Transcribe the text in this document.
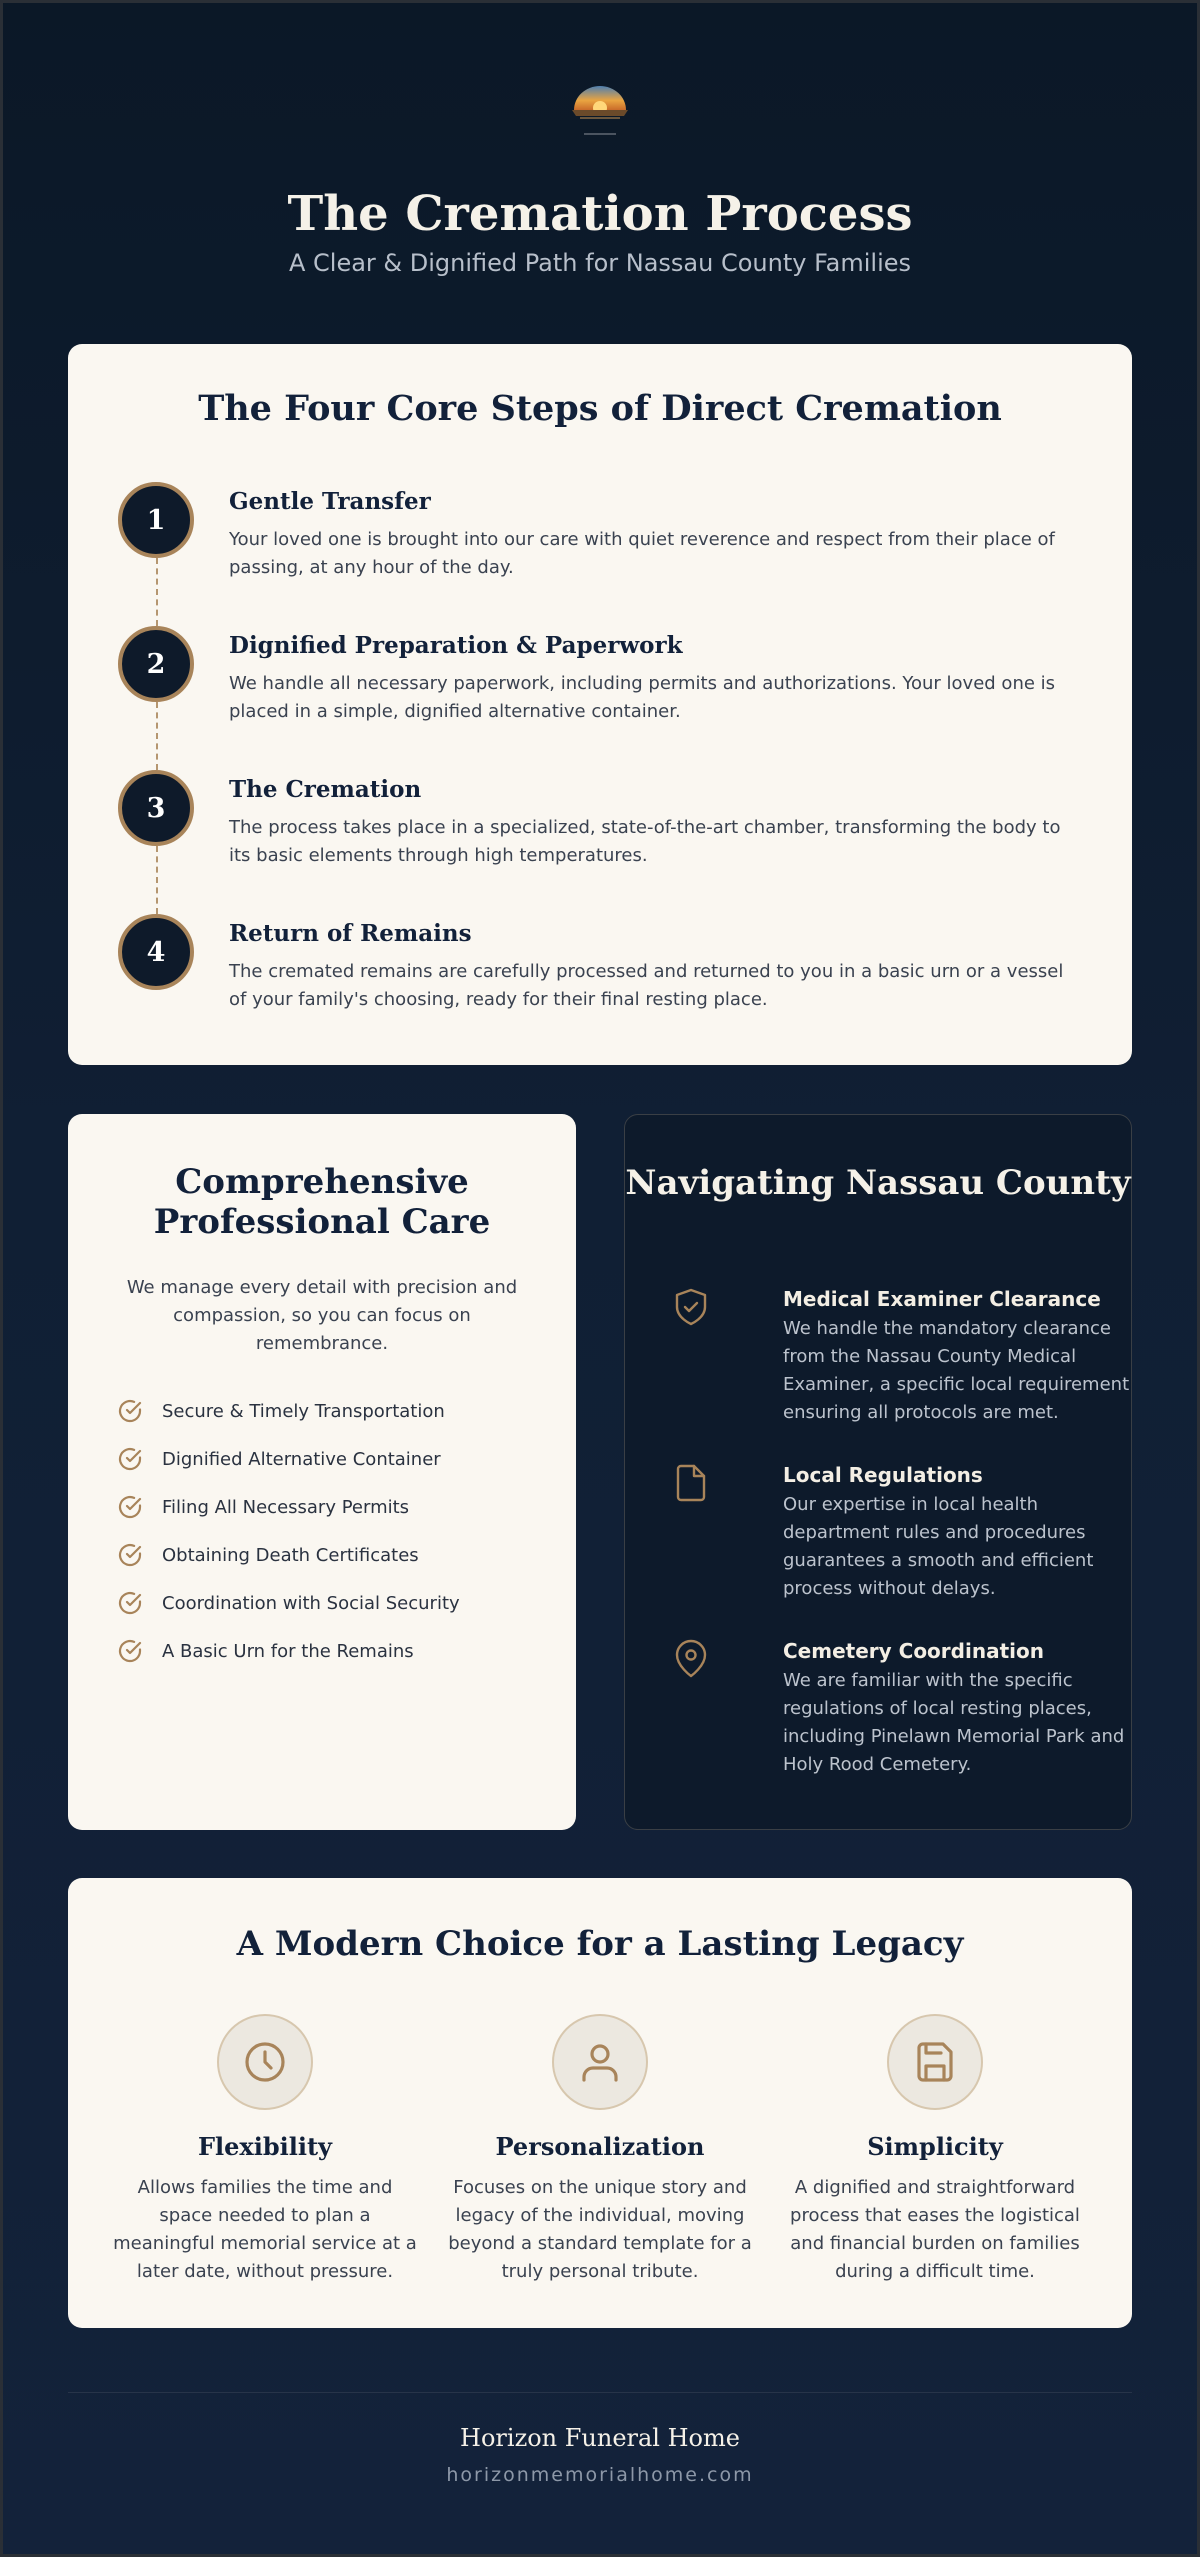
The Cremation Process
A Clear & Dignified Path for Nassau County Families
The Four Core Steps of Direct Cremation
1
Gentle Transfer
Your loved one is brought into our care with quiet reverence and respect from their place of passing, at any hour of the day.
2
Dignified Preparation & Paperwork
We handle all necessary paperwork, including permits and authorizations. Your loved one is placed in a simple, dignified alternative container.
3
The Cremation
The process takes place in a specialized, state-of-the-art chamber, transforming the body to its basic elements through high temperatures.
4
Return of Remains
The cremated remains are carefully processed and returned to you in a basic urn or a vessel of your family's choosing, ready for their final resting place.
Comprehensive Professional Care

We manage every detail with precision and compassion, so you can focus on remembrance.

Secure & Timely Transportation
Dignified Alternative Container
Filing All Necessary Permits
Obtaining Death Certificates
Coordination with Social Security
A Basic Urn for the Remains
Navigating Nassau County
Medical Examiner Clearance
We handle the mandatory clearance from the Nassau County Medical Examiner, a specific local requirement ensuring all protocols are met.
Local Regulations
Our expertise in local health department rules and procedures guarantees a smooth and efficient process without delays.
Cemetery Coordination
We are familiar with the specific regulations of local resting places, including Pinelawn Memorial Park and Holy Rood Cemetery.
A Modern Choice for a Lasting Legacy
Flexibility
Allows families the time and space needed to plan a meaningful memorial service at a later date, without pressure.
Personalization
Focuses on the unique story and legacy of the individual, moving beyond a standard template for a truly personal tribute.
Simplicity
A dignified and straightforward process that eases the logistical and financial burden on families during a difficult time.
Horizon Funeral Home
horizonmemorialhome.com
